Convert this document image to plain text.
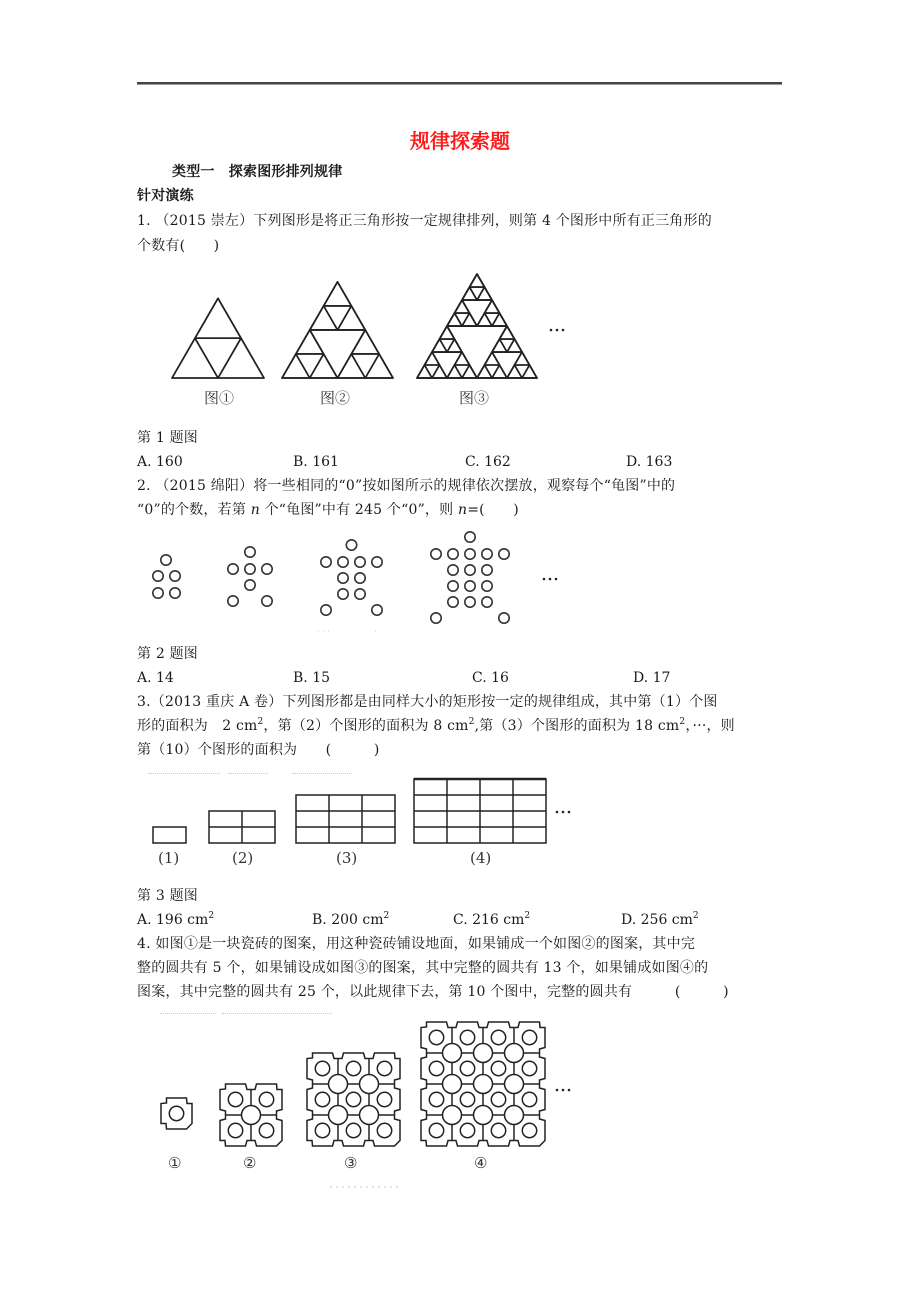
规律探索题
类型一　探索图形排列规律
针对演练
1. （2015 崇左）下列图形是将正三角形按一定规律排列，则第 4 个图形中所有正三角形的
个数有(　　)
图①	图②	图③
第 1 题图
A. 160	B. 161	C. 162	D. 163
2. （2015 绵阳）将一些相同的“0”按如图所示的规律依次摆放，观察每个“龟图”中的
“0”的个数，若第 n 个“龟图”中有 245 个“0”，则 n=(　　)
第 2 题图
A. 14	B. 15	C. 16	D. 17
3.（2013 重庆 A 卷）下列图形都是由同样大小的矩形按一定的规律组成，其中第（1）个图
形的面积为　2 $cm^2$，第（2）个图形的面积为 8 $cm^2$,第（3）个图形的面积为 18 $cm^2$，···，则
第（10）个图形的面积为　　(　　　)
(1)	(2)	(3)	(4)
第 3 题图
A. 196 $cm^2$	B. 200 $cm^2$	C. 216 $cm^2$	D. 256 $cm^2$
4. 如图①是一块瓷砖的图案，用这种瓷砖铺设地面，如果铺成一个如图②的图案，其中完
整的圆共有 5 个，如果铺设成如图③的图案，其中完整的圆共有 13 个，如果铺成如图④的
图案，其中完整的圆共有 25 个，以此规律下去，第 10 个图中，完整的圆共有　　　(　　　)
①	②	③	④
